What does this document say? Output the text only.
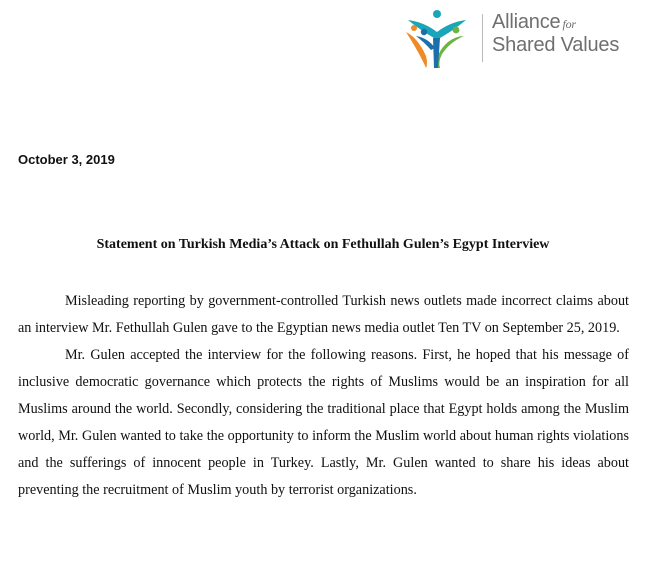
Alliance for
Shared Values
October 3, 2019
Statement on Turkish Media’s Attack on Fethullah Gulen’s Egypt Interview

Misleading reporting by government-controlled Turkish news outlets made incorrect claims about an interview Mr. Fethullah Gulen gave to the Egyptian news media outlet Ten TV on September 25, 2019.

Mr. Gulen accepted the interview for the following reasons. First, he hoped that his message of inclusive democratic governance which protects the rights of Muslims would be an inspiration for all Muslims around the world. Secondly, considering the traditional place that Egypt holds among the Muslim world, Mr. Gulen wanted to take the opportunity to inform the Muslim world about human rights violations and the sufferings of innocent people in Turkey. Lastly, Mr. Gulen wanted to share his ideas about preventing the recruitment of Muslim youth by terrorist organizations.
